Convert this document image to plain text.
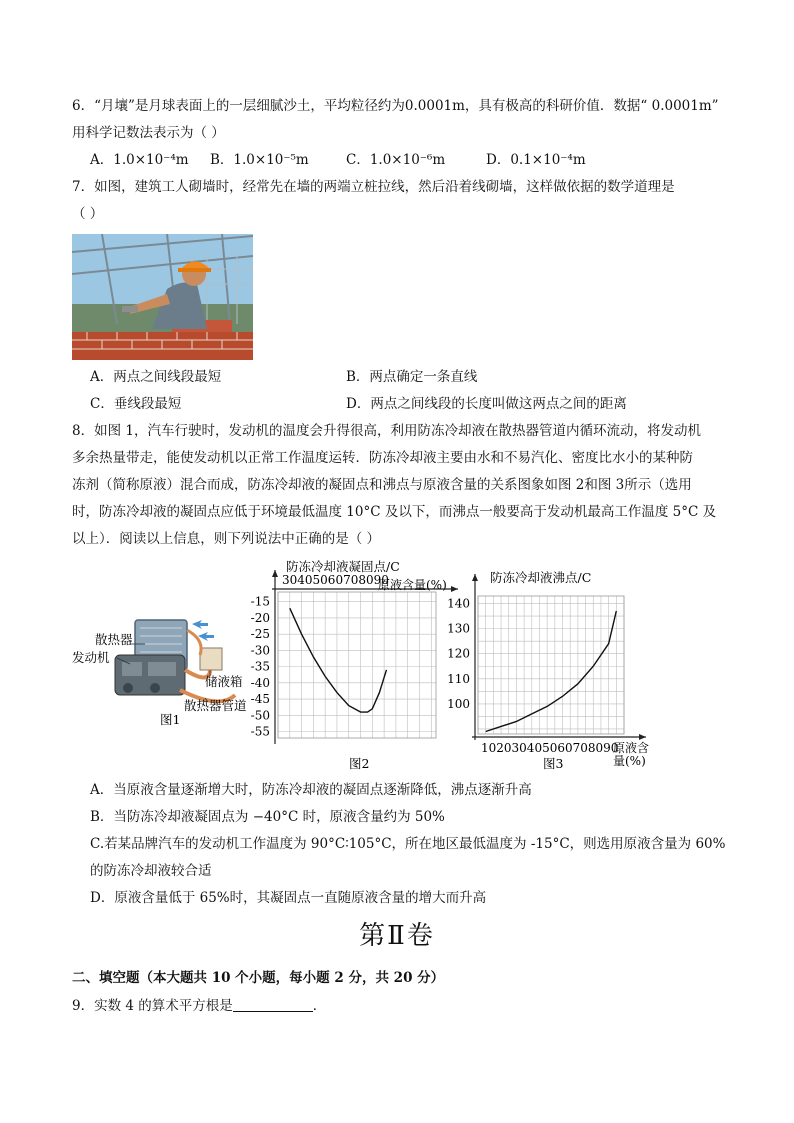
6．“月壤”是月球表面上的一层细腻沙土，平均粒径约为0.0001m，具有极高的科研价值．数据“ 0.0001m”
用科学记数法表示为（ ）
A．1.0×10⁻⁴m B．1.0×10⁻⁵m	C．1.0×10⁻⁶m	D．0.1×10⁻⁴m
7．如图，建筑工人砌墙时，经常先在墙的两端立桩拉线，然后沿着线砌墙，这样做依据的数学道理是
（ ）
A．两点之间线段最短	B．两点确定一条直线
C．垂线段最短	D．两点之间线段的长度叫做这两点之间的距离
8．如图 1，汽车行驶时，发动机的温度会升得很高，利用防冻冷却液在散热器管道内循环流动，将发动机
多余热量带走，能使发动机以正常工作温度运转．防冻冷却液主要由水和不易汽化、密度比水小的某种防
冻剂（简称原液）混合而成，防冻冷却液的凝固点和沸点与原液含量的关系图象如图 2和图 3所示（选用
时，防冻冷却液的凝固点应低于环境最低温度 10°C 及以下，而沸点一般要高于发动机最高工作温度 5°C 及
以上）．阅读以上信息，则下列说法中正确的是（ ）
散热器
发动机
储液箱
散热器管道
图1
-15
-20
-25
-30
-35
-40
-45
-50
-55
30405060708090
原液含量(%)
防冻冷却液凝固点/C
图2
100
110
120
130
140
102030405060708090
原液含
量(%)
防冻冷却液沸点/C
图3
A．当原液含量逐渐增大时，防冻冷却液的凝固点逐渐降低，沸点逐渐升高
B．当防冻冷却液凝固点为 −40°C 时，原液含量约为 50%
C.若某品牌汽车的发动机工作温度为 90°C∶105°C，所在地区最低温度为 -15°C，则选用原液含量为 60%
的防冻冷却液较合适
D．原液含量低于 65%时，其凝固点一直随原液含量的增大而升高
第Ⅱ卷
二、填空题（本大题共 10 个小题，每小题 2 分，共 20 分）
9．实数 4 的算术平方根是	．
